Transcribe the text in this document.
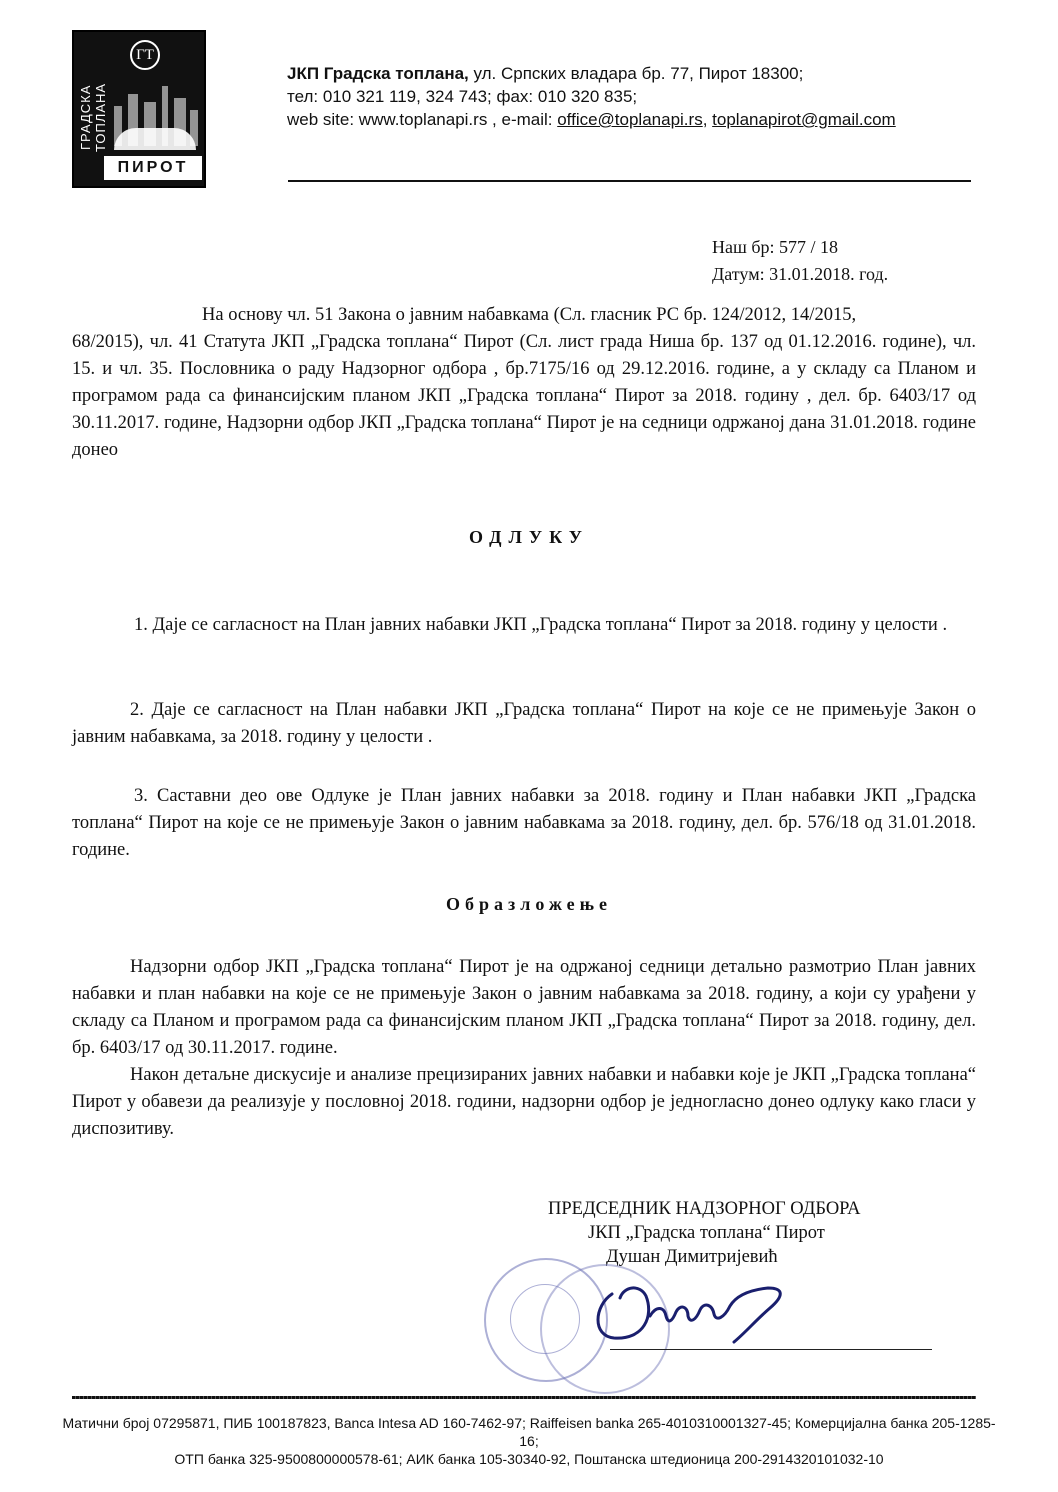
ГРАДСКА ТОПЛАНА
ГТ
ПИРОТ
ЈКП Градска топлана, ул. Српских владара бр. 77, Пирот 18300;
тел: 010 321 119, 324 743; фах: 010 320 835;
web site: www.toplanapi.rs , e-mail: office@toplanapi.rs, toplanapirot@gmail.com
Наш бр: 577 / 18
Датум: 31.01.2018. год.

На основу чл. 51 Закона о јавним набавкама (Сл. гласник РС бр. 124/2012, 14/2015,

68/2015), чл. 41 Статута ЈКП „Градска топлана“ Пирот (Сл. лист града Ниша бр. 137 од 01.12.2016. године), чл. 15. и чл. 35. Пословника о раду Надзорног одбора , бр.7175/16 од 29.12.2016. године, а у складу са Планом и програмом рада са финансијским планом ЈКП „Градска топлана“ Пирот за 2018. годину , дел. бр. 6403/17 од 30.11.2017. године, Надзорни одбор ЈКП „Градска топлана“ Пирот је на седници одржаној дана 31.01.2018. године донео

ОДЛУКУ

1. Даје се сагласност на План јавних набавки ЈКП „Градска топлана“ Пирот за 2018. годину у целости .

2. Даје се сагласност на План набавки ЈКП „Градска топлана“ Пирот на које се не примењује Закон о јавним набавкама, за 2018. годину у целости .

3. Саставни део ове Одлуке је План јавних набавки за 2018. годину и План набавки ЈКП „Градска топлана“ Пирот на које се не примењује Закон о јавним набавкама за 2018. годину, дел. бр. 576/18 од 31.01.2018. године.

Образложење

Надзорни одбор ЈКП „Градска топлана“ Пирот је на одржаној седници детально размотрио План јавних набавки и план набавки на које се не примењује Закон о јавним набавкама за 2018. годину, а који су урађени у складу са Планом и програмом рада са финансијским планом ЈКП „Градска топлана“ Пирот за 2018. годину, дел. бр. 6403/17 од 30.11.2017. године.

Након детаљне дискусије и анализе прецизираних јавних набавки и набавки које је ЈКП „Градска топлана“ Пирот у обавези да реализује у пословној 2018. години, надзорни одбор је једногласно донео одлуку како гласи у диспозитиву.

ПРЕДСЕДНИК НАДЗОРНОГ ОДБОРА
ЈКП „Градска топлана“ Пирот
Душан Димитријевић
Матични број 07295871, ПИБ 100187823, Banca Intesa AD 160-7462-97; Raiffeisen banka 265-4010310001327-45; Комерцијална банка 205-1285-16;
ОТП банка 325-9500800000578-61; АИК банка 105-30340-92, Поштанска штедионица 200-2914320101032-10
